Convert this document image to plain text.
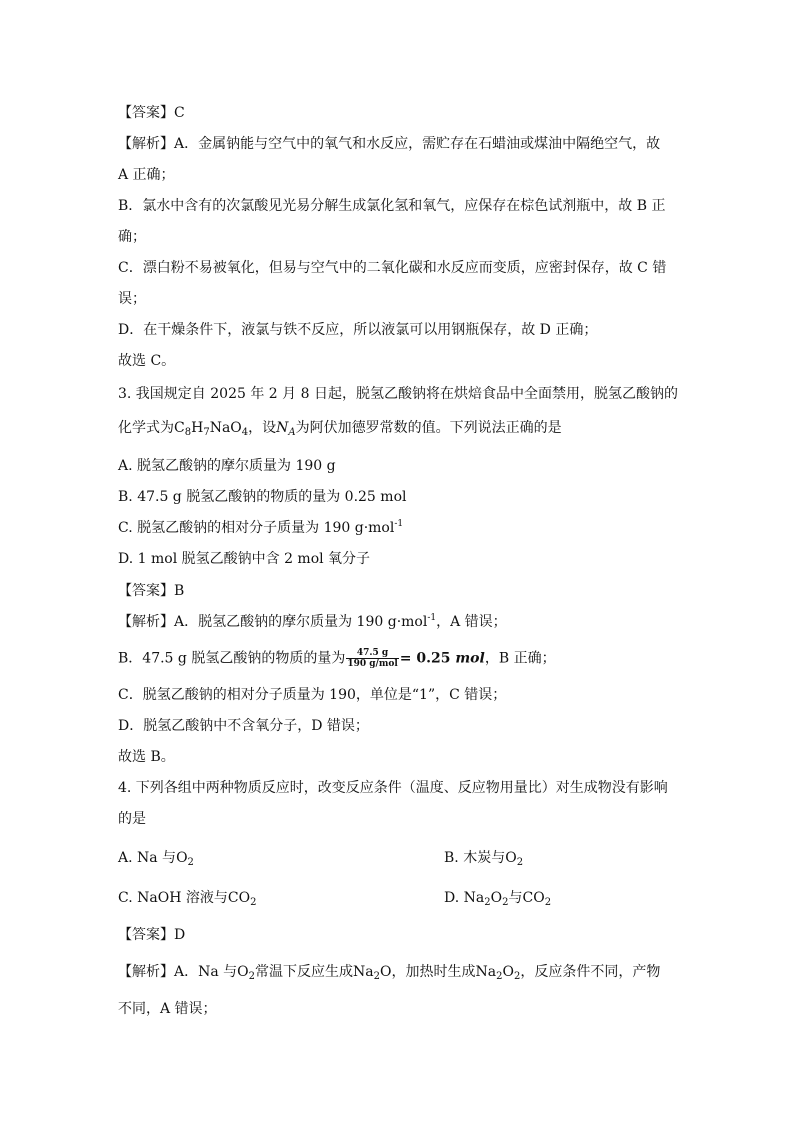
【答案】C
【解析】A．金属钠能与空气中的氧气和水反应，需贮存在石蜡油或煤油中隔绝空气，故
A 正确；
B．氯水中含有的次氯酸见光易分解生成氯化氢和氧气，应保存在棕色试剂瓶中，故 B 正
确；
C．漂白粉不易被氧化，但易与空气中的二氧化碳和水反应而变质，应密封保存，故 C 错
误；
D．在干燥条件下，液氯与铁不反应，所以液氯可以用钢瓶保存，故 D 正确；
故选 C。
3. 我国规定自 2025 年 2 月 8 日起，脱氢乙酸钠将在烘焙食品中全面禁用，脱氢乙酸钠的
化学式为$C_8H_7NaO_4$，设$N_A$为阿伏加德罗常数的值。下列说法正确的是
A. 脱氢乙酸钠的摩尔质量为 190 g
B. 47.5 g 脱氢乙酸钠的物质的量为 0.25 mol
C. 脱氢乙酸钠的相对分子质量为 190 g·mol$^{-1}$
D. 1 mol 脱氢乙酸钠中含 2 mol 氧分子
【答案】B
【解析】A．脱氢乙酸钠的摩尔质量为 190 g·mol$^{-1}$，A 错误；
B．47.5 g 脱氢乙酸钠的物质的量为 $\frac{47.5 g}{\text{190 g/mol}} = 0.25$ mol，B 正确；
C．脱氢乙酸钠的相对分子质量为 190，单位是“1”，C 错误；
D．脱氢乙酸钠中不含氧分子，D 错误；
故选 B。
4. 下列各组中两种物质反应时，改变反应条件（温度、反应物用量比）对生成物没有影响
的是
A. Na 与$O_2$	B. 木炭与$O_2$
C. NaOH 溶液与$CO_2$	D. $Na_2O_2$与$CO_2$
【答案】D
【解析】A．Na 与$O_2$常温下反应生成$Na_2O$，加热时生成$Na_2O_2$，反应条件不同，产物
不同，A 错误；
